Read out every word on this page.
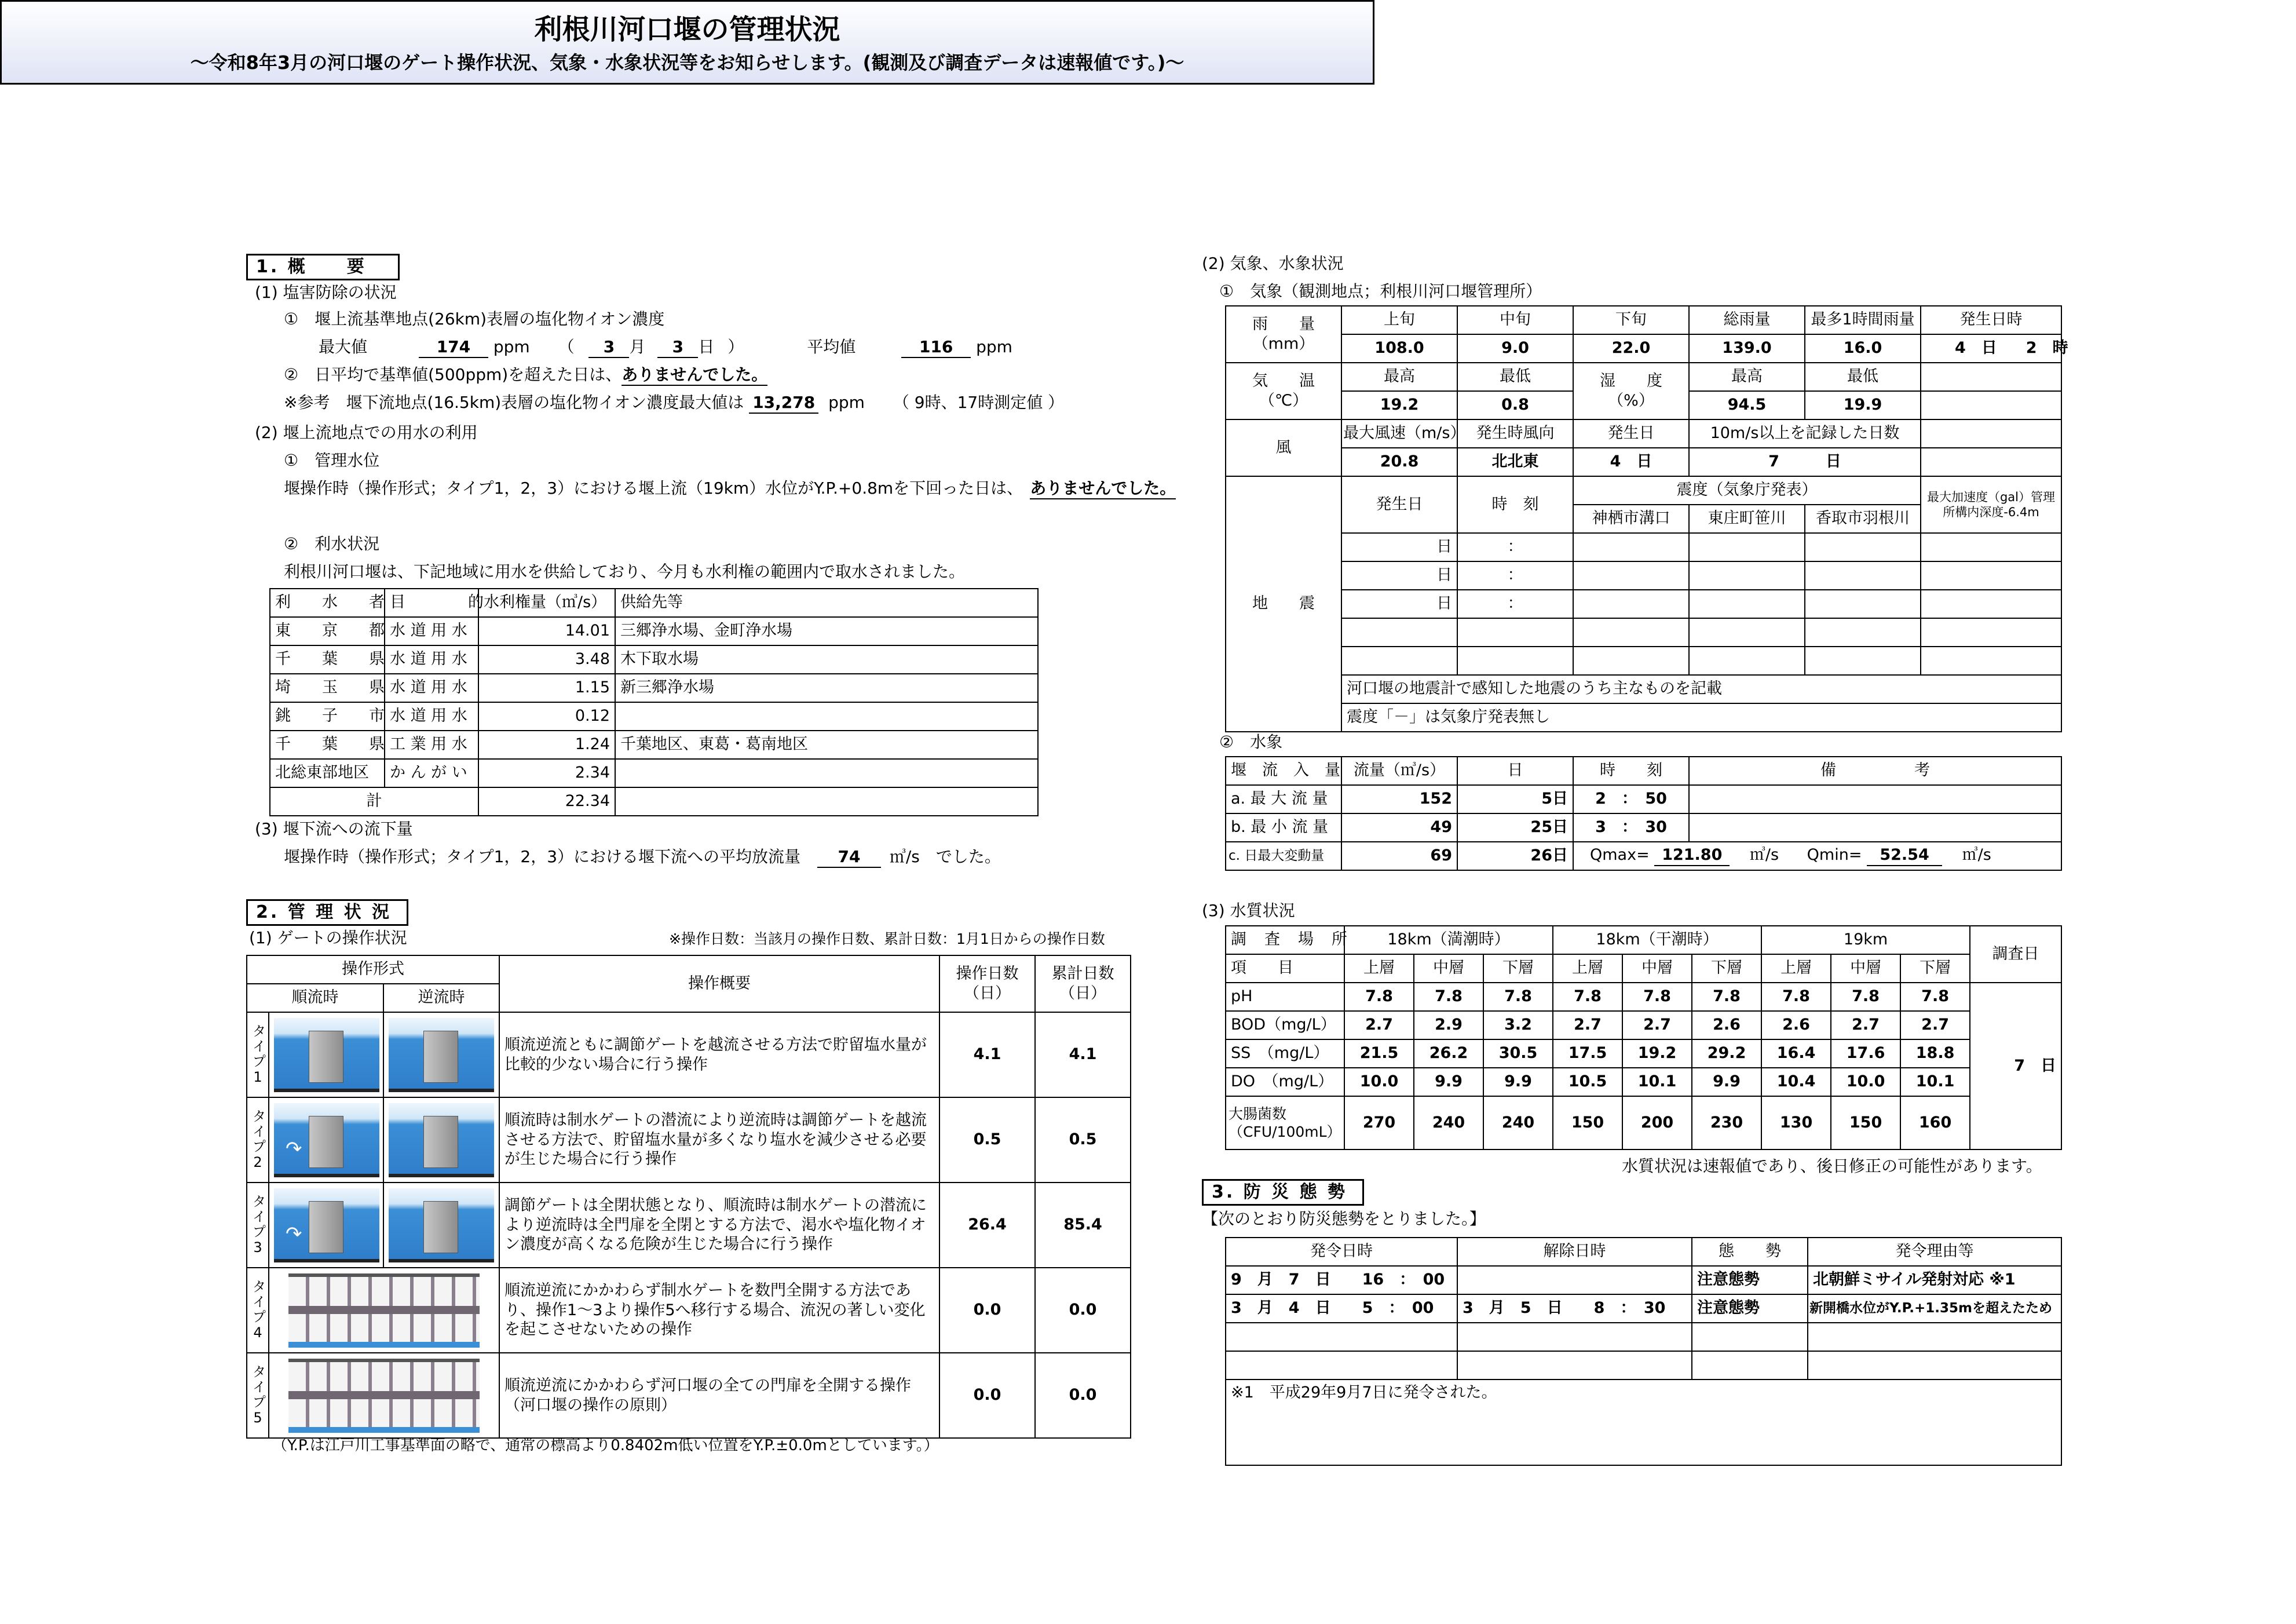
利根川河口堰の管理状況
～令和8年3月の河口堰のゲート操作状況、気象・水象状況等をお知らせします。(観測及び調査データは速報値です。)～
1. 概　　要
(1) 塩害防除の状況
①　堰上流基準地点(26km)表層の塩化物イオン濃度
最大値	174 ppm （ 3 月 3 日 ）	平均値	116 ppm
②　日平均で基準値(500ppm)を超えた日は、ありませんでした。
※参考　堰下流地点(16.5km)表層の塩化物イオン濃度最大値は 13,278 ppm （ 9時、17時測定値 ）
(2) 堰上流地点での用水の利用
①　管理水位
堰操作時（操作形式；タイプ1，2，3）における堰上流（19km）水位がY.P.+0.8mを下回った日は、 ありませんでした。
②　利水状況
利根川河口堰は、下記地域に用水を供給しており、今月も水利権の範囲内で取水されました。
利　　水　　者	目　　　　的	水利権量（㎥/s）	供給先等
東　　京　　都	水 道 用 水	14.01	三郷浄水場、金町浄水場
千　　葉　　県	水 道 用 水	3.48	木下取水場
埼　　玉　　県	水 道 用 水	1.15	新三郷浄水場
銚　　子　　市	水 道 用 水	0.12	
千　　葉　　県	工 業 用 水	1.24	千葉地区、東葛・葛南地区
北総東部地区	か ん が い	2.34	
計		22.34	
(3) 堰下流への流下量
堰操作時（操作形式；タイプ1，2，3）における堰下流への平均放流量 74 ㎥/s　でした。
2. 管 理 状 況
(1) ゲートの操作状況	※操作日数：当該月の操作日数、累計日数：1月1日からの操作日数
操作形式			操作概要	操作日数
（日）	累計日数
（日）
順流時		逆流時			
タイプ1			順流逆流ともに調節ゲートを越流させる方法で貯留塩水量が比較的少ない場合に行う操作	4.1	4.1
タイプ2	↷		順流時は制水ゲートの潜流により逆流時は調節ゲートを越流させる方法で、貯留塩水量が多くなり塩水を減少させる必要が生じた場合に行う操作	0.5	0.5
タイプ3	↷		調節ゲートは全閉状態となり、順流時は制水ゲートの潜流により逆流時は全門扉を全閉とする方法で、渇水や塩化物イオン濃度が高くなる危険が生じた場合に行う操作	26.4	85.4
タイプ4			順流逆流にかかわらず制水ゲートを数門全開する方法であり、操作1～3より操作5へ移行する場合、流況の著しい変化を起こさせないための操作	0.0	0.0
タイプ5			順流逆流にかかわらず河口堰の全ての門扉を全開する操作（河口堰の操作の原則）	0.0	0.0
（Y.P.は江戸川工事基準面の略で、通常の標高より0.8402m低い位置をY.P.±0.0mとしています。）
(2) 気象、水象状況
①　気象（観測地点；利根川河口堰管理所）
雨　　量
（mm）	上旬	中旬	下旬	総雨量	最多1時間雨量	発生日時
	108.0	9.0	22.0	139.0	16.0	4　日 2　時
気　　温
（℃）	最高	最低	湿　　度
（%）	最高	最低	
	19.2	0.8		94.5	19.9	
風	最大風速（m/s）	発生時風向	発生日	10m/s以上を記録した日数		
	20.8	北北東	4　日	7 日		
地　　震	発生日	時　刻	震度（気象庁発表）			最大加速度（gal）管理所構内深度-6.4m
			神栖市溝口	東庄町笹川	香取市羽根川	
	日	：				
	日	：				
	日	：				

	河口堰の地震計で感知した地震のうち主なものを記載					
	震度「－」は気象庁発表無し					
②　水象
堰　流　入　量	流量（㎥/s）	日	時　　刻	備　　　　　考
a. 最 大 流 量	152	5日	2　：　50	
b. 最 小 流 量	49	25日	3　：　30	
c. 日最大変動量	69	26日	Qmax= 121.80 ㎥/s Qmin= 52.54 ㎥/s	
(3) 水質状況
調　査　場　所	18km（満潮時）			18km（干潮時）			19km			調査日
項　　目	上層	中層	下層	上層	中層	下層	上層	中層	下層	
pH	7.8	7.8	7.8	7.8	7.8	7.8	7.8	7.8	7.8	7　日
BOD（mg/L）	2.7	2.9	3.2	2.7	2.7	2.6	2.6	2.7	2.7	
SS　（mg/L）	21.5	26.2	30.5	17.5	19.2	29.2	16.4	17.6	18.8	
DO　（mg/L）	10.0	9.9	9.9	10.5	10.1	9.9	10.4	10.0	10.1	
大腸菌数
（CFU/100mL）	270	240	240	150	200	230	130	150	160	
水質状況は速報値であり、後日修正の可能性があります。
3. 防 災 態 勢
【次のとおり防災態勢をとりました。】
発令日時	解除日時	態　　勢	発令理由等
9　月　7　日　　16　：　00		注意態勢	北朝鮮ミサイル発射対応 ※1
3　月　4　日　　5　：　00	3　月　5　日　　8　：　30	注意態勢	新開橋水位がY.P.+1.35mを超えたため

※1　平成29年9月7日に発令された。			
